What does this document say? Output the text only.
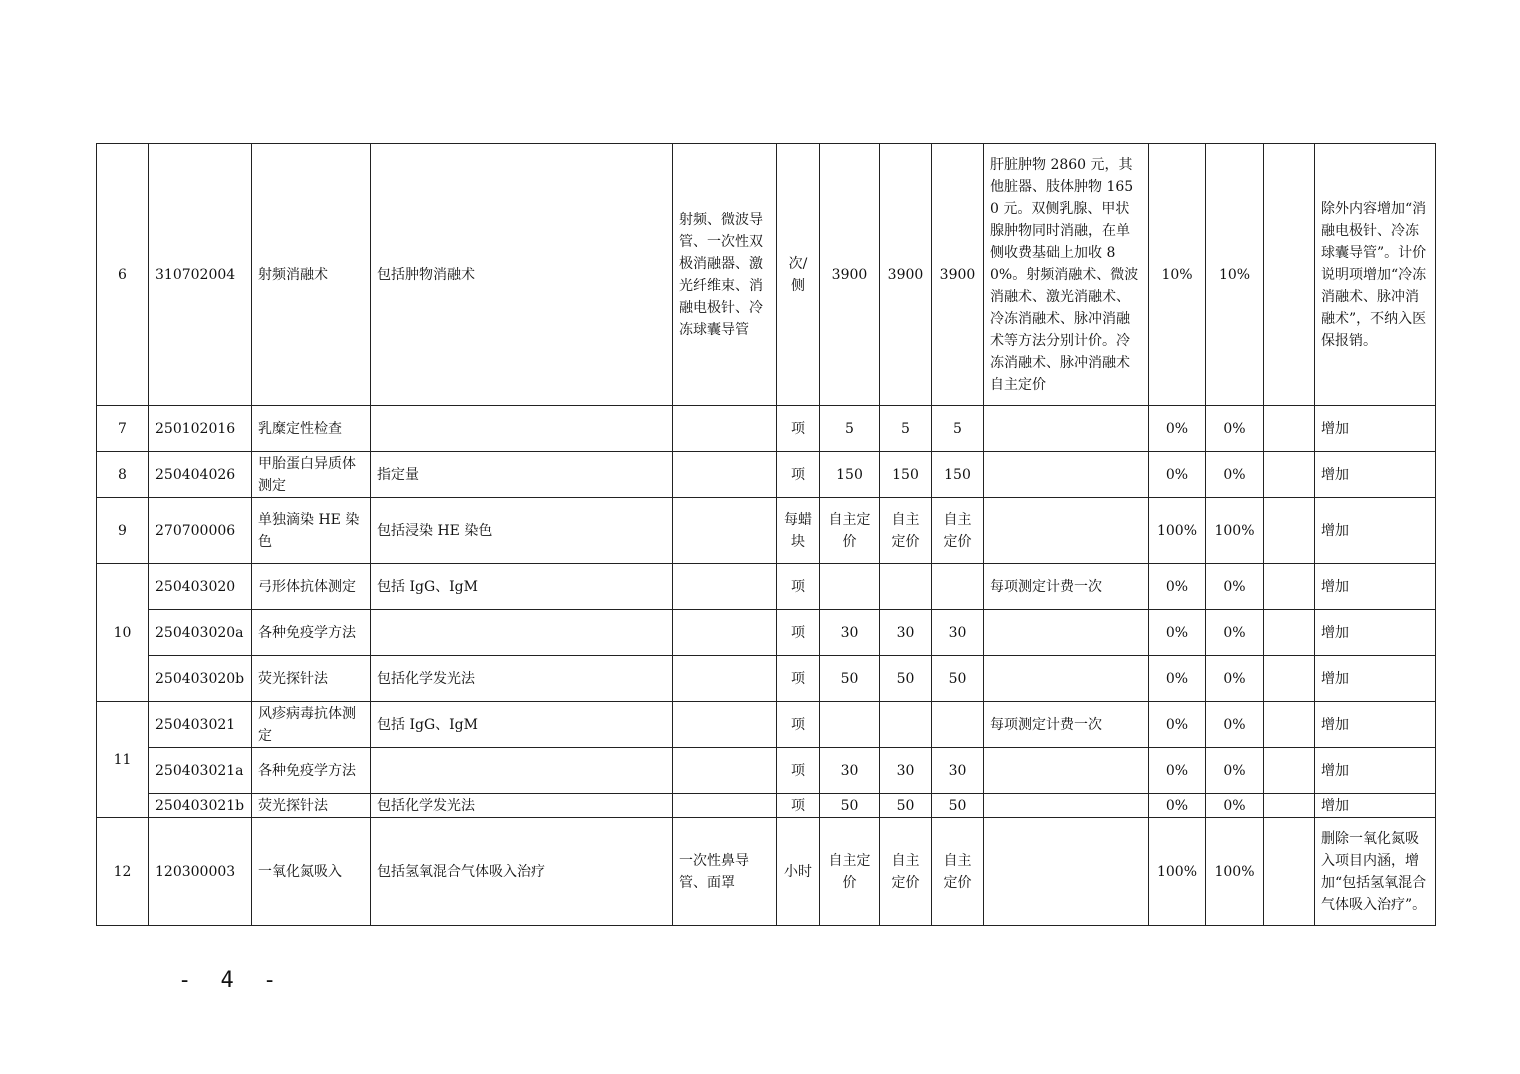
6	310702004	射频消融术	包括肿物消融术	射频、微波导管、一次性双极消融器、激光纤维束、消融电极针、冷冻球囊导管	次/侧	3900	3900	3900	肝脏肿物 2860 元，其他脏器、肢体肿物 1650 元。双侧乳腺、甲状腺肿物同时消融，在单侧收费基础上加收 80%。射频消融术、微波消融术、激光消融术、冷冻消融术、脉冲消融术等方法分别计价。冷冻消融术、脉冲消融术自主定价	10%	10%		除外内容增加“消融电极针、冷冻球囊导管”。计价说明项增加“冷冻消融术、脉冲消融术”，不纳入医保报销。
7	250102016	乳糜定性检查			项	5	5	5		0%	0%		增加
8	250404026	甲胎蛋白异质体测定	指定量		项	150	150	150		0%	0%		增加
9	270700006	单独滴染 HE 染色	包括浸染 HE 染色		每蜡块	自主定价	自主定价	自主定价		100%	100%		增加
10	250403020	弓形体抗体测定	包括 IgG、IgM		项				每项测定计费一次	0%	0%		增加
	250403020a	各种免疫学方法			项	30	30	30		0%	0%		增加
	250403020b	荧光探针法	包括化学发光法		项	50	50	50		0%	0%		增加
11	250403021	风疹病毒抗体测定	包括 IgG、IgM		项				每项测定计费一次	0%	0%		增加
	250403021a	各种免疫学方法			项	30	30	30		0%	0%		增加
	250403021b	荧光探针法	包括化学发光法		项	50	50	50		0%	0%		增加
12	120300003	一氧化氮吸入	包括氢氧混合气体吸入治疗	一次性鼻导管、面罩	小时	自主定价	自主定价	自主定价		100%	100%		删除一氧化氮吸入项目内涵，增加“包括氢氧混合气体吸入治疗”。
- 4 -
